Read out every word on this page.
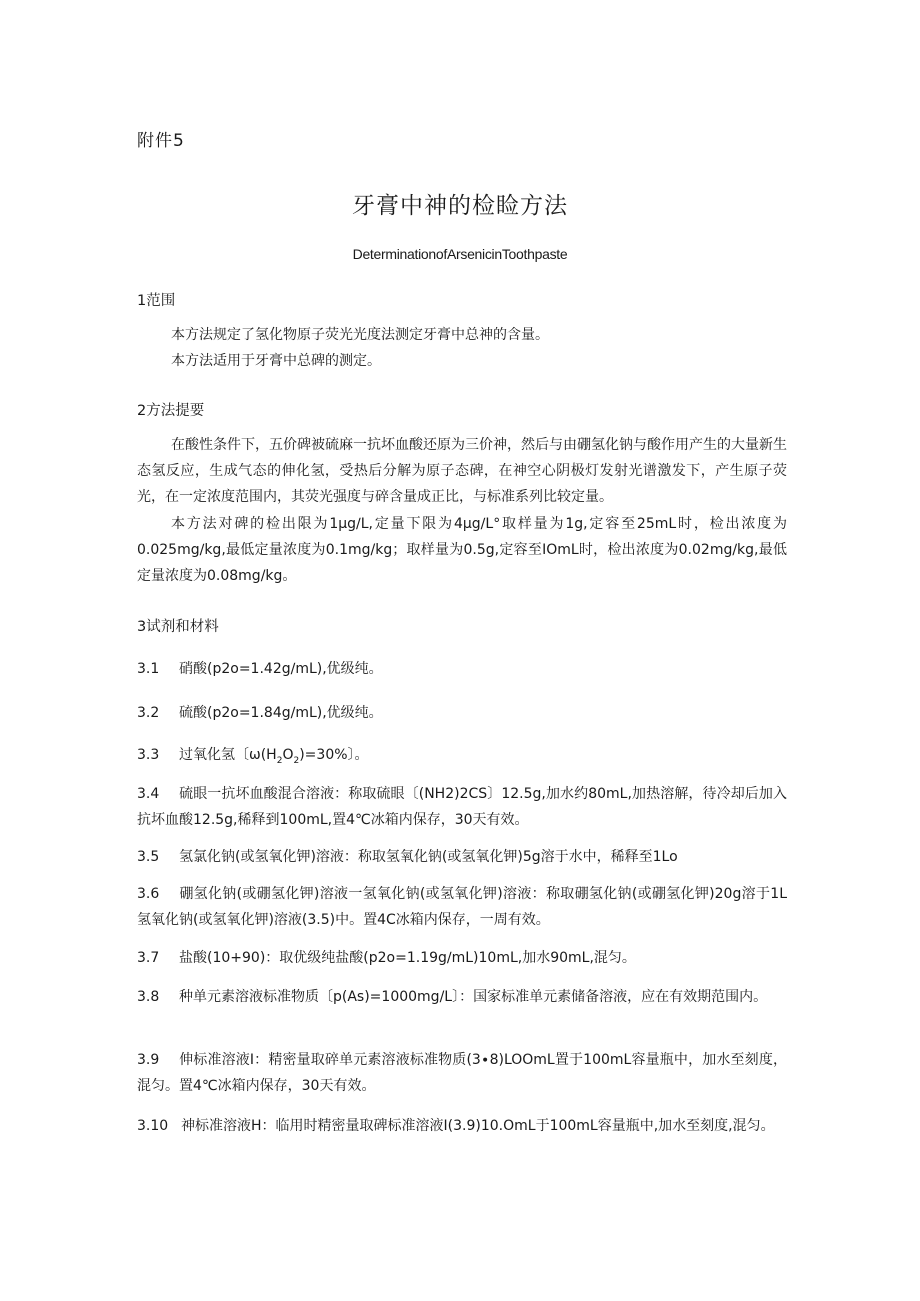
附件5
牙膏中神的检睑方法
DeterminationofArsenicinToothpaste
1范围
本方法规定了氢化物原子荧光光度法测定牙膏中总神的含量。
本方法适用于牙膏中总碑的测定。
2方法提要
在酸性条件下，五价碑被硫麻一抗坏血酸还原为三价神，然后与由硼氢化钠与酸作用产生的大量新生态氢反应，生成气态的伸化氢，受热后分解为原子态碑，在神空心阴极灯发射光谱激发下，产生原子荧光，在一定浓度范围内，其荧光强度与碎含量成正比，与标准系列比较定量。
本方法对碑的检出限为1μg∕L,定量下限为4μg∕L°取样量为1g,定容至25mL时，检出浓度为0.025mg∕kg,最低定量浓度为0.1mg/kg；取样量为0.5g,定容至IOmL时，检出浓度为0.02mg∕kg,最低定量浓度为0.08mg/kg。
3试剂和材料
3.1 硝酸(p2o=1.42g∕mL),优级纯。
3.2 硫酸(p2o=1.84g∕mL),优级纯。
3.3 过氧化氢〔$\omega(H_2O_2)=30\%$〕。
3.4 硫眼一抗坏血酸混合溶液：称取硫眼〔(NH2)2CS〕12.5g,加水约80mL,加热溶解，待冷却后加入抗坏血酸12.5g,稀释到100mL,置4℃冰箱内保存，30天有效。
3.5 氢氯化钠(或氢氧化钾)溶液：称取氢氧化钠(或氢氧化钾)5g溶于水中，稀释至1Lo
3.6 硼氢化钠(或硼氢化钾)溶液一氢氧化钠(或氢氧化钾)溶液：称取硼氢化钠(或硼氢化钾)20g溶于1L氢氧化钠(或氢氧化钾)溶液(3.5)中。置4C冰箱内保存，一周有效。
3.7 盐酸(10+90)：取优级纯盐酸(p2o=1.19g∕mL)10mL,加水90mL,混匀。
3.8 种单元素溶液标准物质〔p(As)=1000mg/L〕：国家标准单元素储备溶液，应在有效期范围内。
3.9 伸标准溶液I：精密量取碎单元素溶液标准物质(3∙8)LOOmL置于100mL容量瓶中，加水至刻度，混匀。置4℃冰箱内保存，30天有效。
3.10 神标准溶液H：临用时精密量取碑标准溶液I(3.9)10.OmL于100mL容量瓶中,加水至刻度,混匀。
